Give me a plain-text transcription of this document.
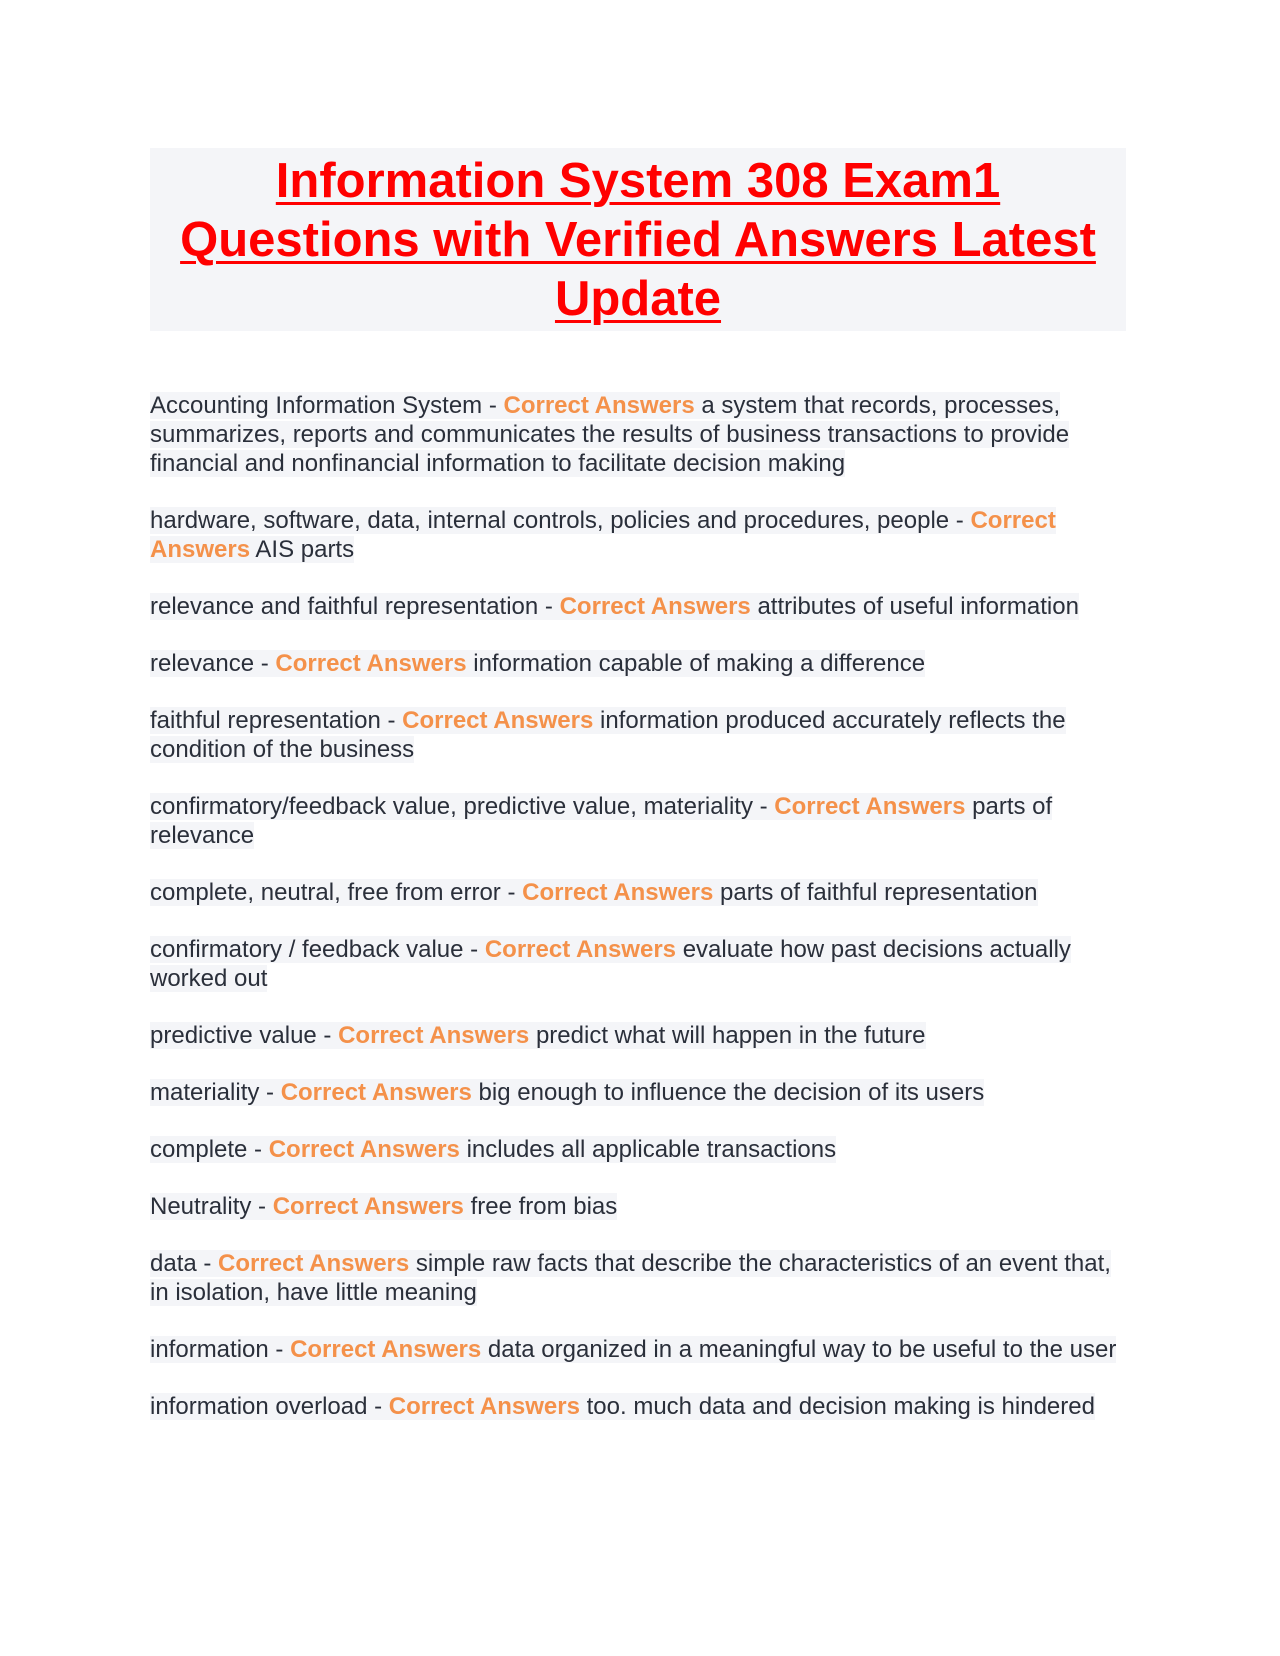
Information System 308 Exam1 Questions with Verified Answers Latest Update

Accounting Information System - Correct Answers a system that records, processes, summarizes, reports and communicates the results of business transactions to provide financial and nonfinancial information to facilitate decision making

hardware, software, data, internal controls, policies and procedures, people - Correct Answers AIS parts

relevance and faithful representation - Correct Answers attributes of useful information

relevance - Correct Answers information capable of making a difference

faithful representation - Correct Answers information produced accurately reflects the condition of the business

confirmatory/feedback value, predictive value, materiality - Correct Answers parts of relevance

complete, neutral, free from error - Correct Answers parts of faithful representation

confirmatory / feedback value - Correct Answers evaluate how past decisions actually worked out

predictive value - Correct Answers predict what will happen in the future

materiality - Correct Answers big enough to influence the decision of its users

complete - Correct Answers includes all applicable transactions

Neutrality - Correct Answers free from bias

data - Correct Answers simple raw facts that describe the characteristics of an event that, in isolation, have little meaning

information - Correct Answers data organized in a meaningful way to be useful to the user

information overload - Correct Answers too. much data and decision making is hindered
